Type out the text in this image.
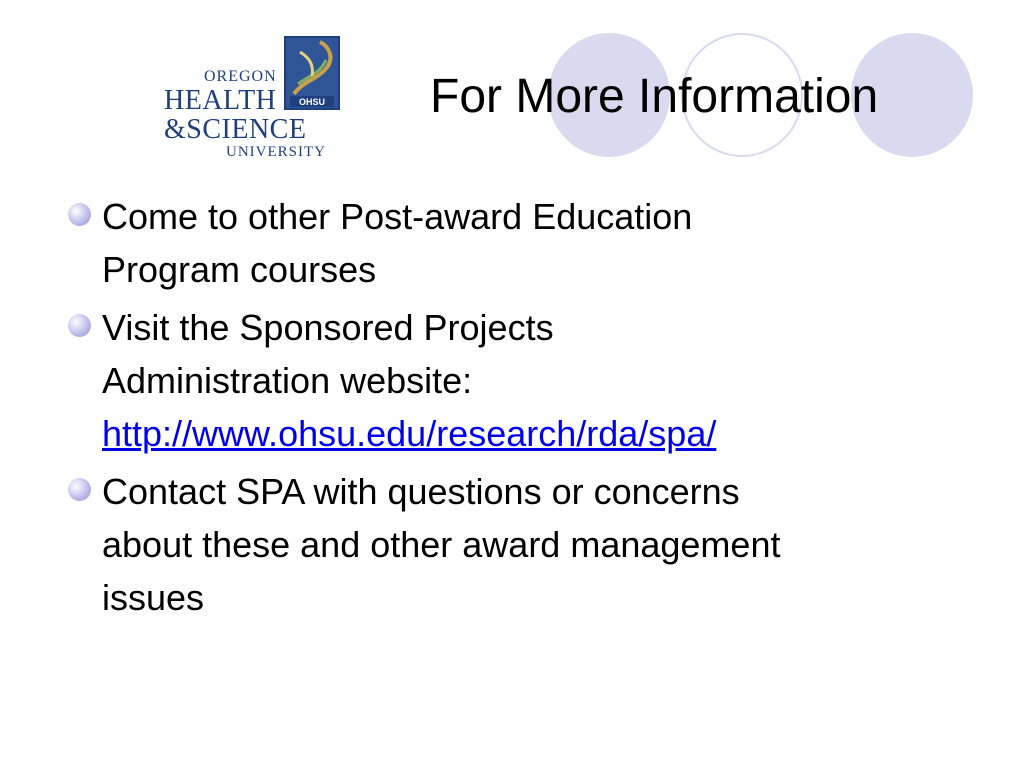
OHSU
OREGON
HEALTH
&SCIENCE
UNIVERSITY
For More Information
Come to other Post-award Education
Program courses
Visit the Sponsored Projects
Administration website:
http://www.ohsu.edu/research/rda/spa/
Contact SPA with questions or concerns
about these and other award management
issues
